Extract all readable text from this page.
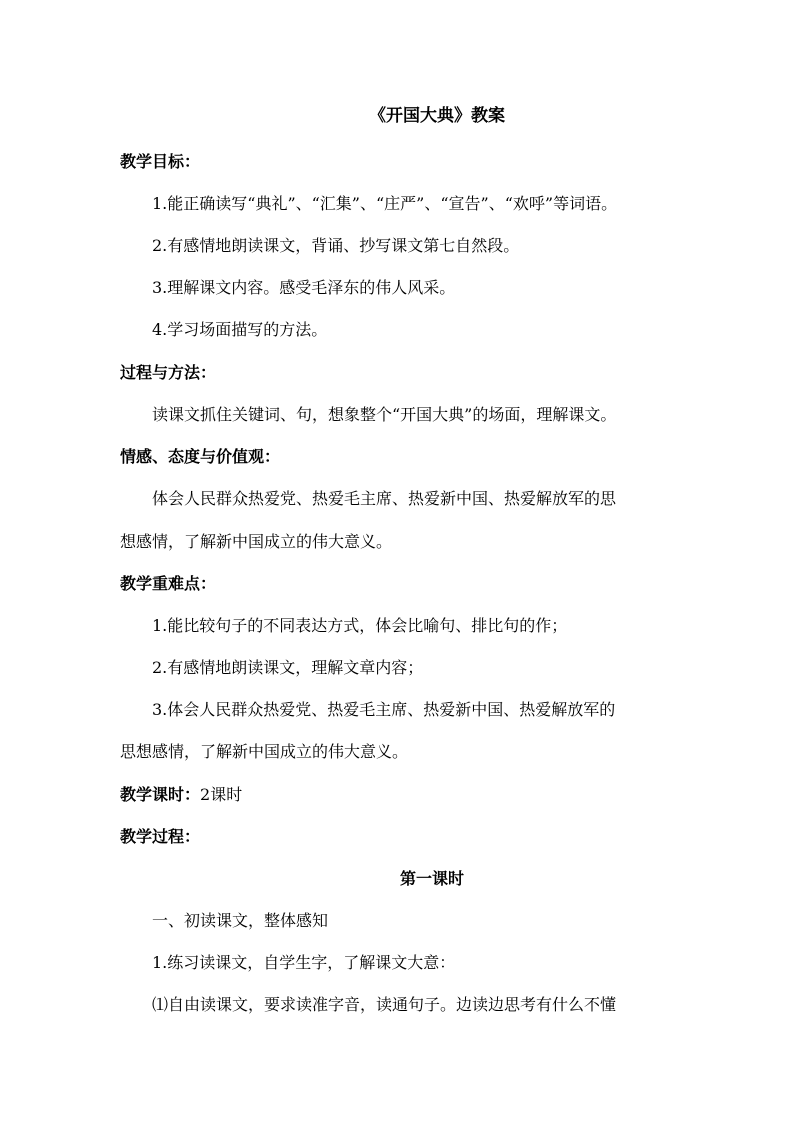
《开国大典》教案
教学目标：
1.能正确读写“典礼”、“汇集”、“庄严”、“宣告”、“欢呼”等词语。
2.有感情地朗读课文，背诵、抄写课文第七自然段。
3.理解课文内容。感受毛泽东的伟人风采。
4.学习场面描写的方法。
过程与方法：
读课文抓住关键词、句，想象整个“开国大典”的场面，理解课文。
情感、态度与价值观：
体会人民群众热爱党、热爱毛主席、热爱新中国、热爱解放军的思
想感情，了解新中国成立的伟大意义。
教学重难点：
1.能比较句子的不同表达方式，体会比喻句、排比句的作；
2.有感情地朗读课文，理解文章内容；
3.体会人民群众热爱党、热爱毛主席、热爱新中国、热爱解放军的
思想感情，了解新中国成立的伟大意义。
教学课时：2课时
教学过程：
第一课时
一、初读课文，整体感知
1.练习读课文，自学生字，了解课文大意：
⑴自由读课文，要求读准字音，读通句子。边读边思考有什么不懂
